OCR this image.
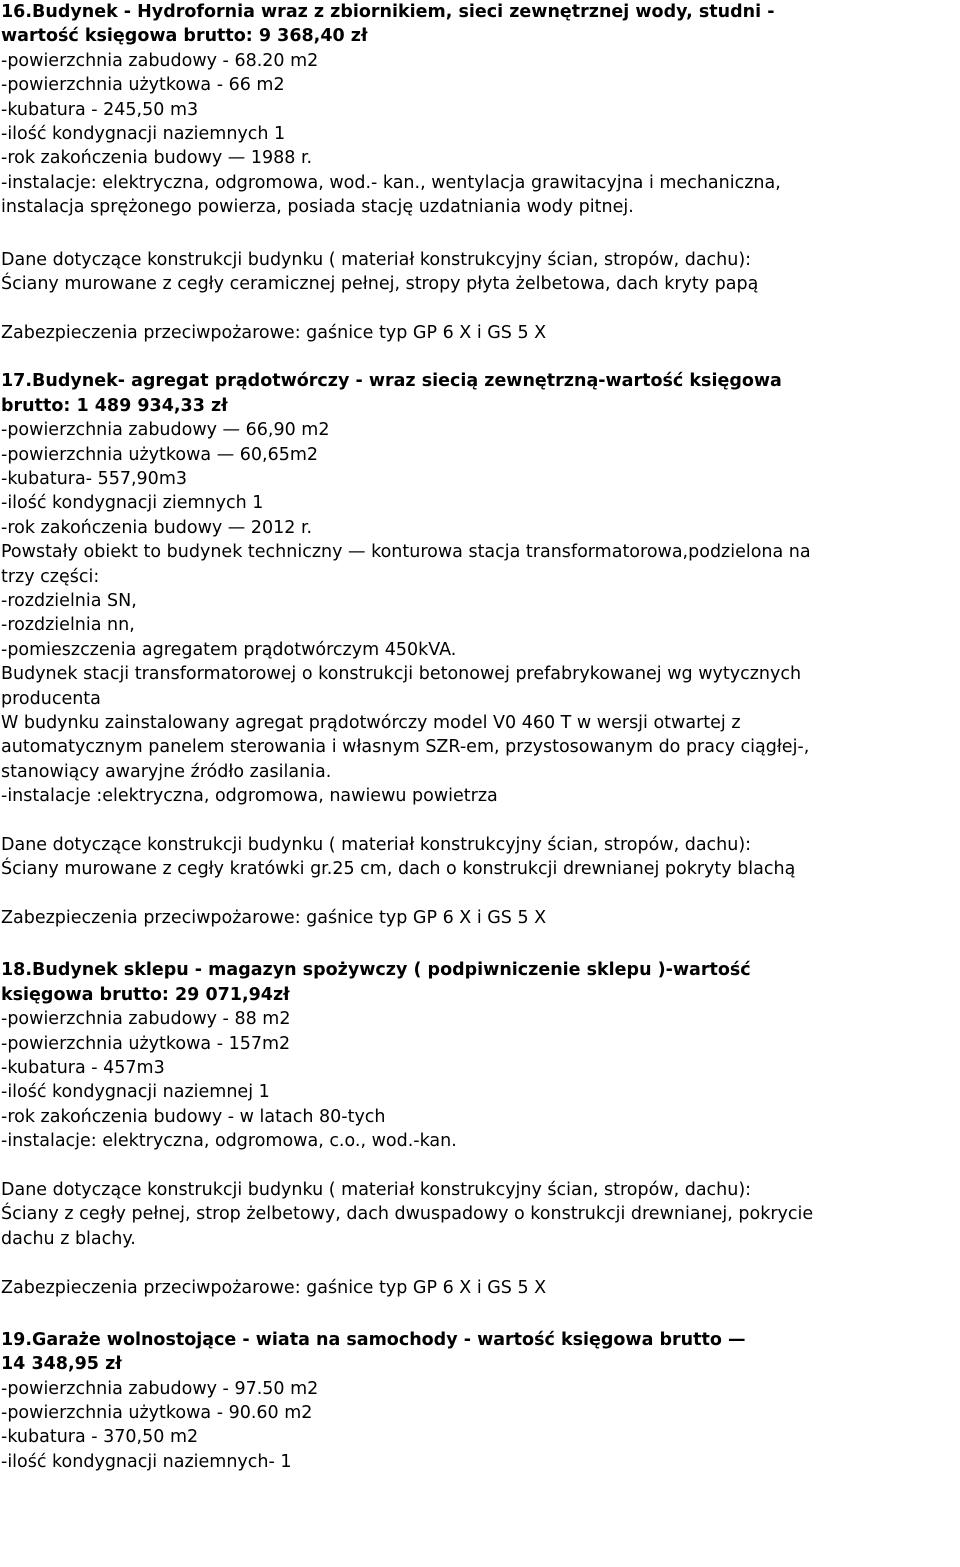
16.Budynek - Hydrofornia wraz z zbiornikiem, sieci zewnętrznej wody, studni -
wartość księgowa brutto: 9 368,40 zł
-powierzchnia zabudowy - 68.20 m2
-powierzchnia użytkowa - 66 m2
-kubatura - 245,50 m3
-ilość kondygnacji naziemnych 1
-rok zakończenia budowy — 1988 r.
-instalacje: elektryczna, odgromowa, wod.- kan., wentylacja grawitacyjna i mechaniczna,
instalacja sprężonego powierza, posiada stację uzdatniania wody pitnej.
Dane dotyczące konstrukcji budynku ( materiał konstrukcyjny ścian, stropów, dachu):
Ściany murowane z cegły ceramicznej pełnej, stropy płyta żelbetowa, dach kryty papą
Zabezpieczenia przeciwpożarowe: gaśnice typ GP 6 X i GS 5 X
17.Budynek- agregat prądotwórczy - wraz siecią zewnętrzną-wartość księgowa
brutto: 1 489 934,33 zł
-powierzchnia zabudowy — 66,90 m2
-powierzchnia użytkowa — 60,65m2
-kubatura- 557,90m3
-ilość kondygnacji ziemnych 1
-rok zakończenia budowy — 2012 r.
Powstały obiekt to budynek techniczny — konturowa stacja transformatorowa,podzielona na
trzy części:
-rozdzielnia SN,
-rozdzielnia nn,
-pomieszczenia agregatem prądotwórczym 450kVA.
Budynek stacji transformatorowej o konstrukcji betonowej prefabrykowanej wg wytycznych
producenta
W budynku zainstalowany agregat prądotwórczy model V0 460 T w wersji otwartej z
automatycznym panelem sterowania i własnym SZR-em, przystosowanym do pracy ciągłej-,
stanowiący awaryjne źródło zasilania.
-instalacje :elektryczna, odgromowa, nawiewu powietrza
Dane dotyczące konstrukcji budynku ( materiał konstrukcyjny ścian, stropów, dachu):
Ściany murowane z cegły kratówki gr.25 cm, dach o konstrukcji drewnianej pokryty blachą
Zabezpieczenia przeciwpożarowe: gaśnice typ GP 6 X i GS 5 X
18.Budynek sklepu - magazyn spożywczy ( podpiwniczenie sklepu )-wartość
księgowa brutto: 29 071,94zł
-powierzchnia zabudowy - 88 m2
-powierzchnia użytkowa - 157m2
-kubatura - 457m3
-ilość kondygnacji naziemnej 1
-rok zakończenia budowy - w latach 80-tych
-instalacje: elektryczna, odgromowa, c.o., wod.-kan.
Dane dotyczące konstrukcji budynku ( materiał konstrukcyjny ścian, stropów, dachu):
Ściany z cegły pełnej, strop żelbetowy, dach dwuspadowy o konstrukcji drewnianej, pokrycie
dachu z blachy.
Zabezpieczenia przeciwpożarowe: gaśnice typ GP 6 X i GS 5 X
19.Garaże wolnostojące - wiata na samochody - wartość księgowa brutto —
14 348,95 zł
-powierzchnia zabudowy - 97.50 m2
-powierzchnia użytkowa - 90.60 m2
-kubatura - 370,50 m2
-ilość kondygnacji naziemnych- 1
